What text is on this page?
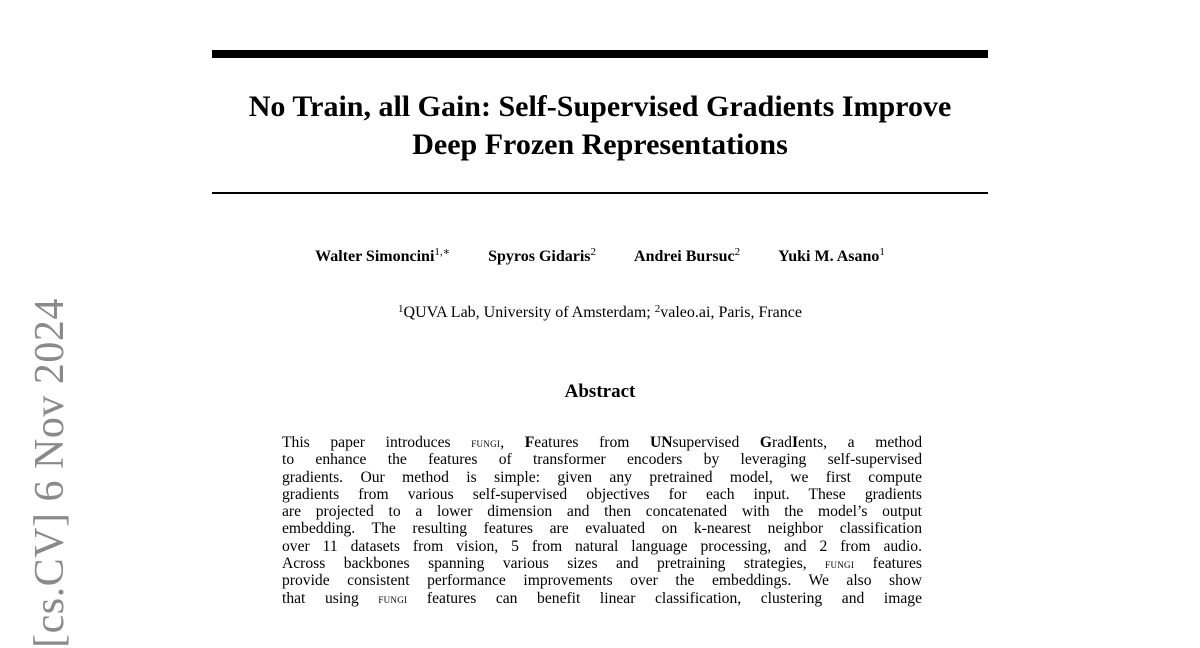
[cs.CV] 6 Nov 2024
No Train, all Gain: Self-Supervised Gradients Improve
Deep Frozen Representations
Walter Simoncini$^{1,∗}$ Spyros Gidaris$^2$ Andrei Bursuc$^2$ Yuki M. Asano$^1$
$^1$QUVA Lab, University of Amsterdam; $^2$valeo.ai, Paris, France
Abstract
This paper introduces fungi, Features from UNsupervised GradIents, a method
to enhance the features of transformer encoders by leveraging self-supervised
gradients. Our method is simple: given any pretrained model, we first compute
gradients from various self-supervised objectives for each input. These gradients
are projected to a lower dimension and then concatenated with the model’s output
embedding. The resulting features are evaluated on k-nearest neighbor classification
over 11 datasets from vision, 5 from natural language processing, and 2 from audio.
Across backbones spanning various sizes and pretraining strategies, fungi features
provide consistent performance improvements over the embeddings. We also show
that using fungi features can benefit linear classification, clustering and image
